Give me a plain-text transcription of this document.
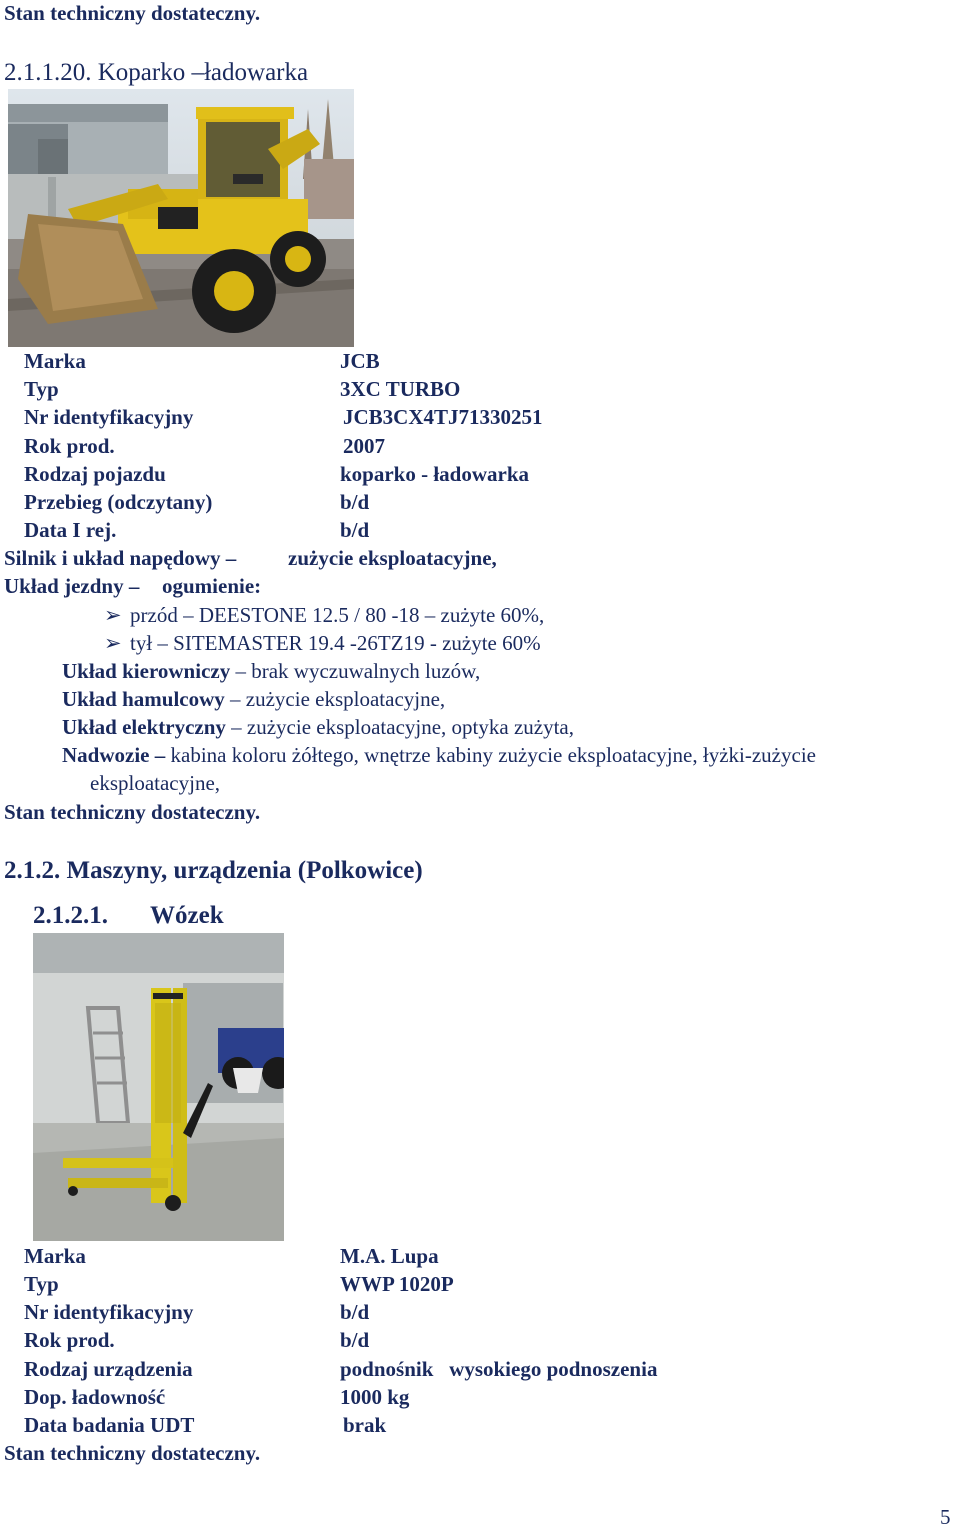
Stan techniczny dostateczny.
2.1.1.20. Koparko –ładowarka
Marka	JCB
Typ	3XC TURBO
Nr identyfikacyjny	JCB3CX4TJ71330251
Rok prod.	2007
Rodzaj pojazdu	koparko - ładowarka
Przebieg (odczytany)	b/d
Data I rej.	b/d
Silnik i układ napędowy – zużycie eksploatacyjne,
Układ jezdny – ogumienie:
➢ przód – DEESTONE 12.5 / 80 -18 – zużyte 60%,
➢ tył – SITEMASTER 19.4 -26TZ19 - zużyte 60%
Układ kierowniczy – brak wyczuwalnych luzów,
Układ hamulcowy – zużycie eksploatacyjne,
Układ elektryczny – zużycie eksploatacyjne, optyka zużyta,
Nadwozie – kabina koloru żółtego, wnętrze kabiny zużycie eksploatacyjne, łyżki-zużycie
eksploatacyjne,
Stan techniczny dostateczny.
2.1.2. Maszyny, urządzenia (Polkowice)
2.1.2.1. Wózek
Marka	M.A. Lupa
Typ	WWP 1020P
Nr identyfikacyjny	b/d
Rok prod.	b/d
Rodzaj urządzenia	podnośnik   wysokiego podnoszenia
Dop. ładowność	1000 kg
Data badania UDT	brak
Stan techniczny dostateczny.
5
